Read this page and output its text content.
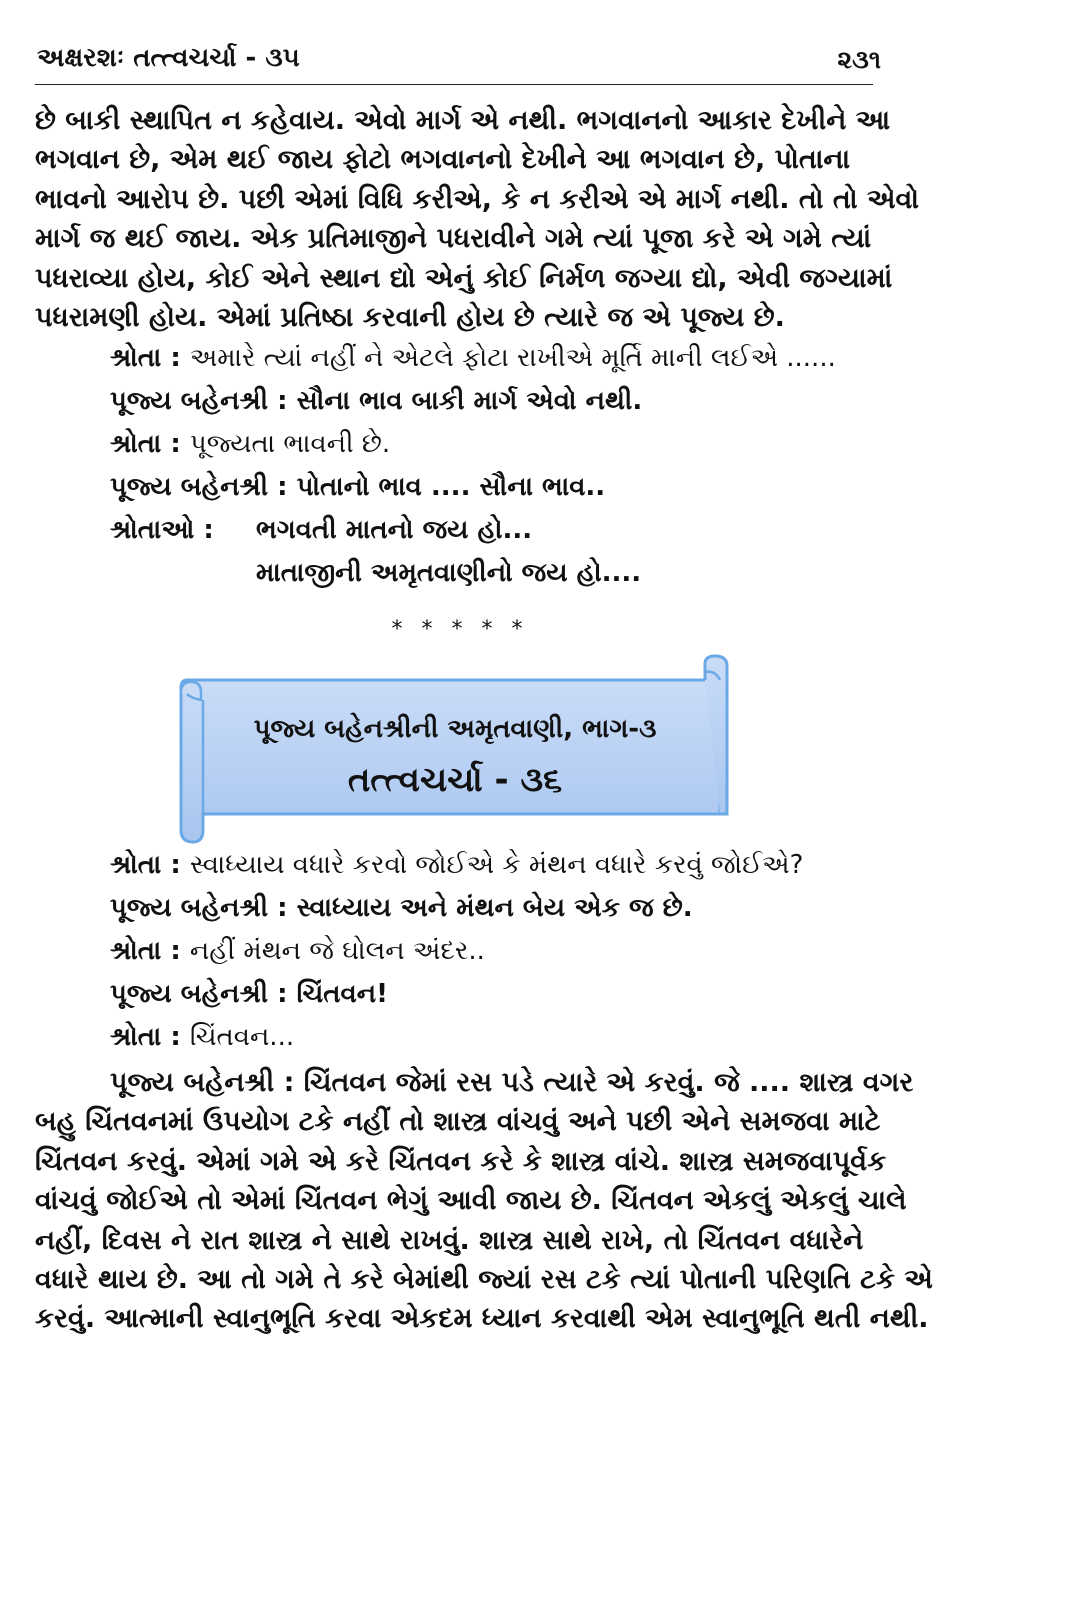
અક્ષરશઃ તત્ત્વચર્ચા - ૩૫	૨૩૧
છે બાકી સ્થાપિત ન કહેવાય. એવો માર્ગ એ નથી. ભગવાનનો આકાર દેખીને આ
ભગવાન છે, એમ થઈ જાય ફોટો ભગવાનનો દેખીને આ ભગવાન છે, પોતાના
ભાવનો આરોપ છે. પછી એમાં વિધિ કરીએ, કે ન કરીએ એ માર્ગ નથી. તો તો એવો
માર્ગ જ થઈ જાય. એક પ્રતિમાજીને પધરાવીને ગમે ત્યાં પૂજા કરે એ ગમે ત્યાં
પધરાવ્યા હોય, કોઈ એને સ્થાન દ્યો એનું કોઈ નિર્મળ જગ્યા દ્યો, એવી જગ્યામાં
પધરામણી હોય. એમાં પ્રતિષ્ઠા કરવાની હોય છે ત્યારે જ એ પૂજ્ય છે.
શ્રોતા : અમારે ત્યાં નહીં ને એટલે ફોટા રાખીએ મૂર્તિ માની લઈએ ......
પૂજ્ય બહેનશ્રી : સૌના ભાવ બાકી માર્ગ એવો નથી.
શ્રોતા : પૂજ્યતા ભાવની છે.
પૂજ્ય બહેનશ્રી : પોતાનો ભાવ .... સૌના ભાવ..
શ્રોતાઓ : ભગવતી માતનો જય હો...
માતાજીની અમૃતવાણીનો જય હો....
* * * * *
પૂજ્ય બહેનશ્રીની અમૃતવાણી, ભાગ-૩
તત્ત્વચર્ચા - ૩૬
શ્રોતા : સ્વાધ્યાય વધારે કરવો જોઈએ કે મંથન વધારે કરવું જોઈએ?
પૂજ્ય બહેનશ્રી : સ્વાધ્યાય અને મંથન બેય એક જ છે.
શ્રોતા : નહીં મંથન જે ઘોલન અંદર..
પૂજ્ય બહેનશ્રી : ચિંતવન!
શ્રોતા : ચિંતવન...
પૂજ્ય બહેનશ્રી : ચિંતવન જેમાં રસ પડે ત્યારે એ કરવું. જે .... શાસ્ત્ર વગર
બહુ ચિંતવનમાં ઉપયોગ ટકે નહીં તો શાસ્ત્ર વાંચવું અને પછી એને સમજવા માટે
ચિંતવન કરવું. એમાં ગમે એ કરે ચિંતવન કરે કે શાસ્ત્ર વાંચે. શાસ્ત્ર સમજવાપૂર્વક
વાંચવું જોઈએ તો એમાં ચિંતવન ભેગું આવી જાય છે. ચિંતવન એકલું એકલું ચાલે
નહીં, દિવસ ને રાત શાસ્ત્ર ને સાથે રાખવું. શાસ્ત્ર સાથે રાખે, તો ચિંતવન વધારેને
વધારે થાય છે. આ તો ગમે તે કરે બેમાંથી જ્યાં રસ ટકે ત્યાં પોતાની પરિણતિ ટકે એ
કરવું. આત્માની સ્વાનુભૂતિ કરવા એકદમ ધ્યાન કરવાથી એમ સ્વાનુભૂતિ થતી નથી.
